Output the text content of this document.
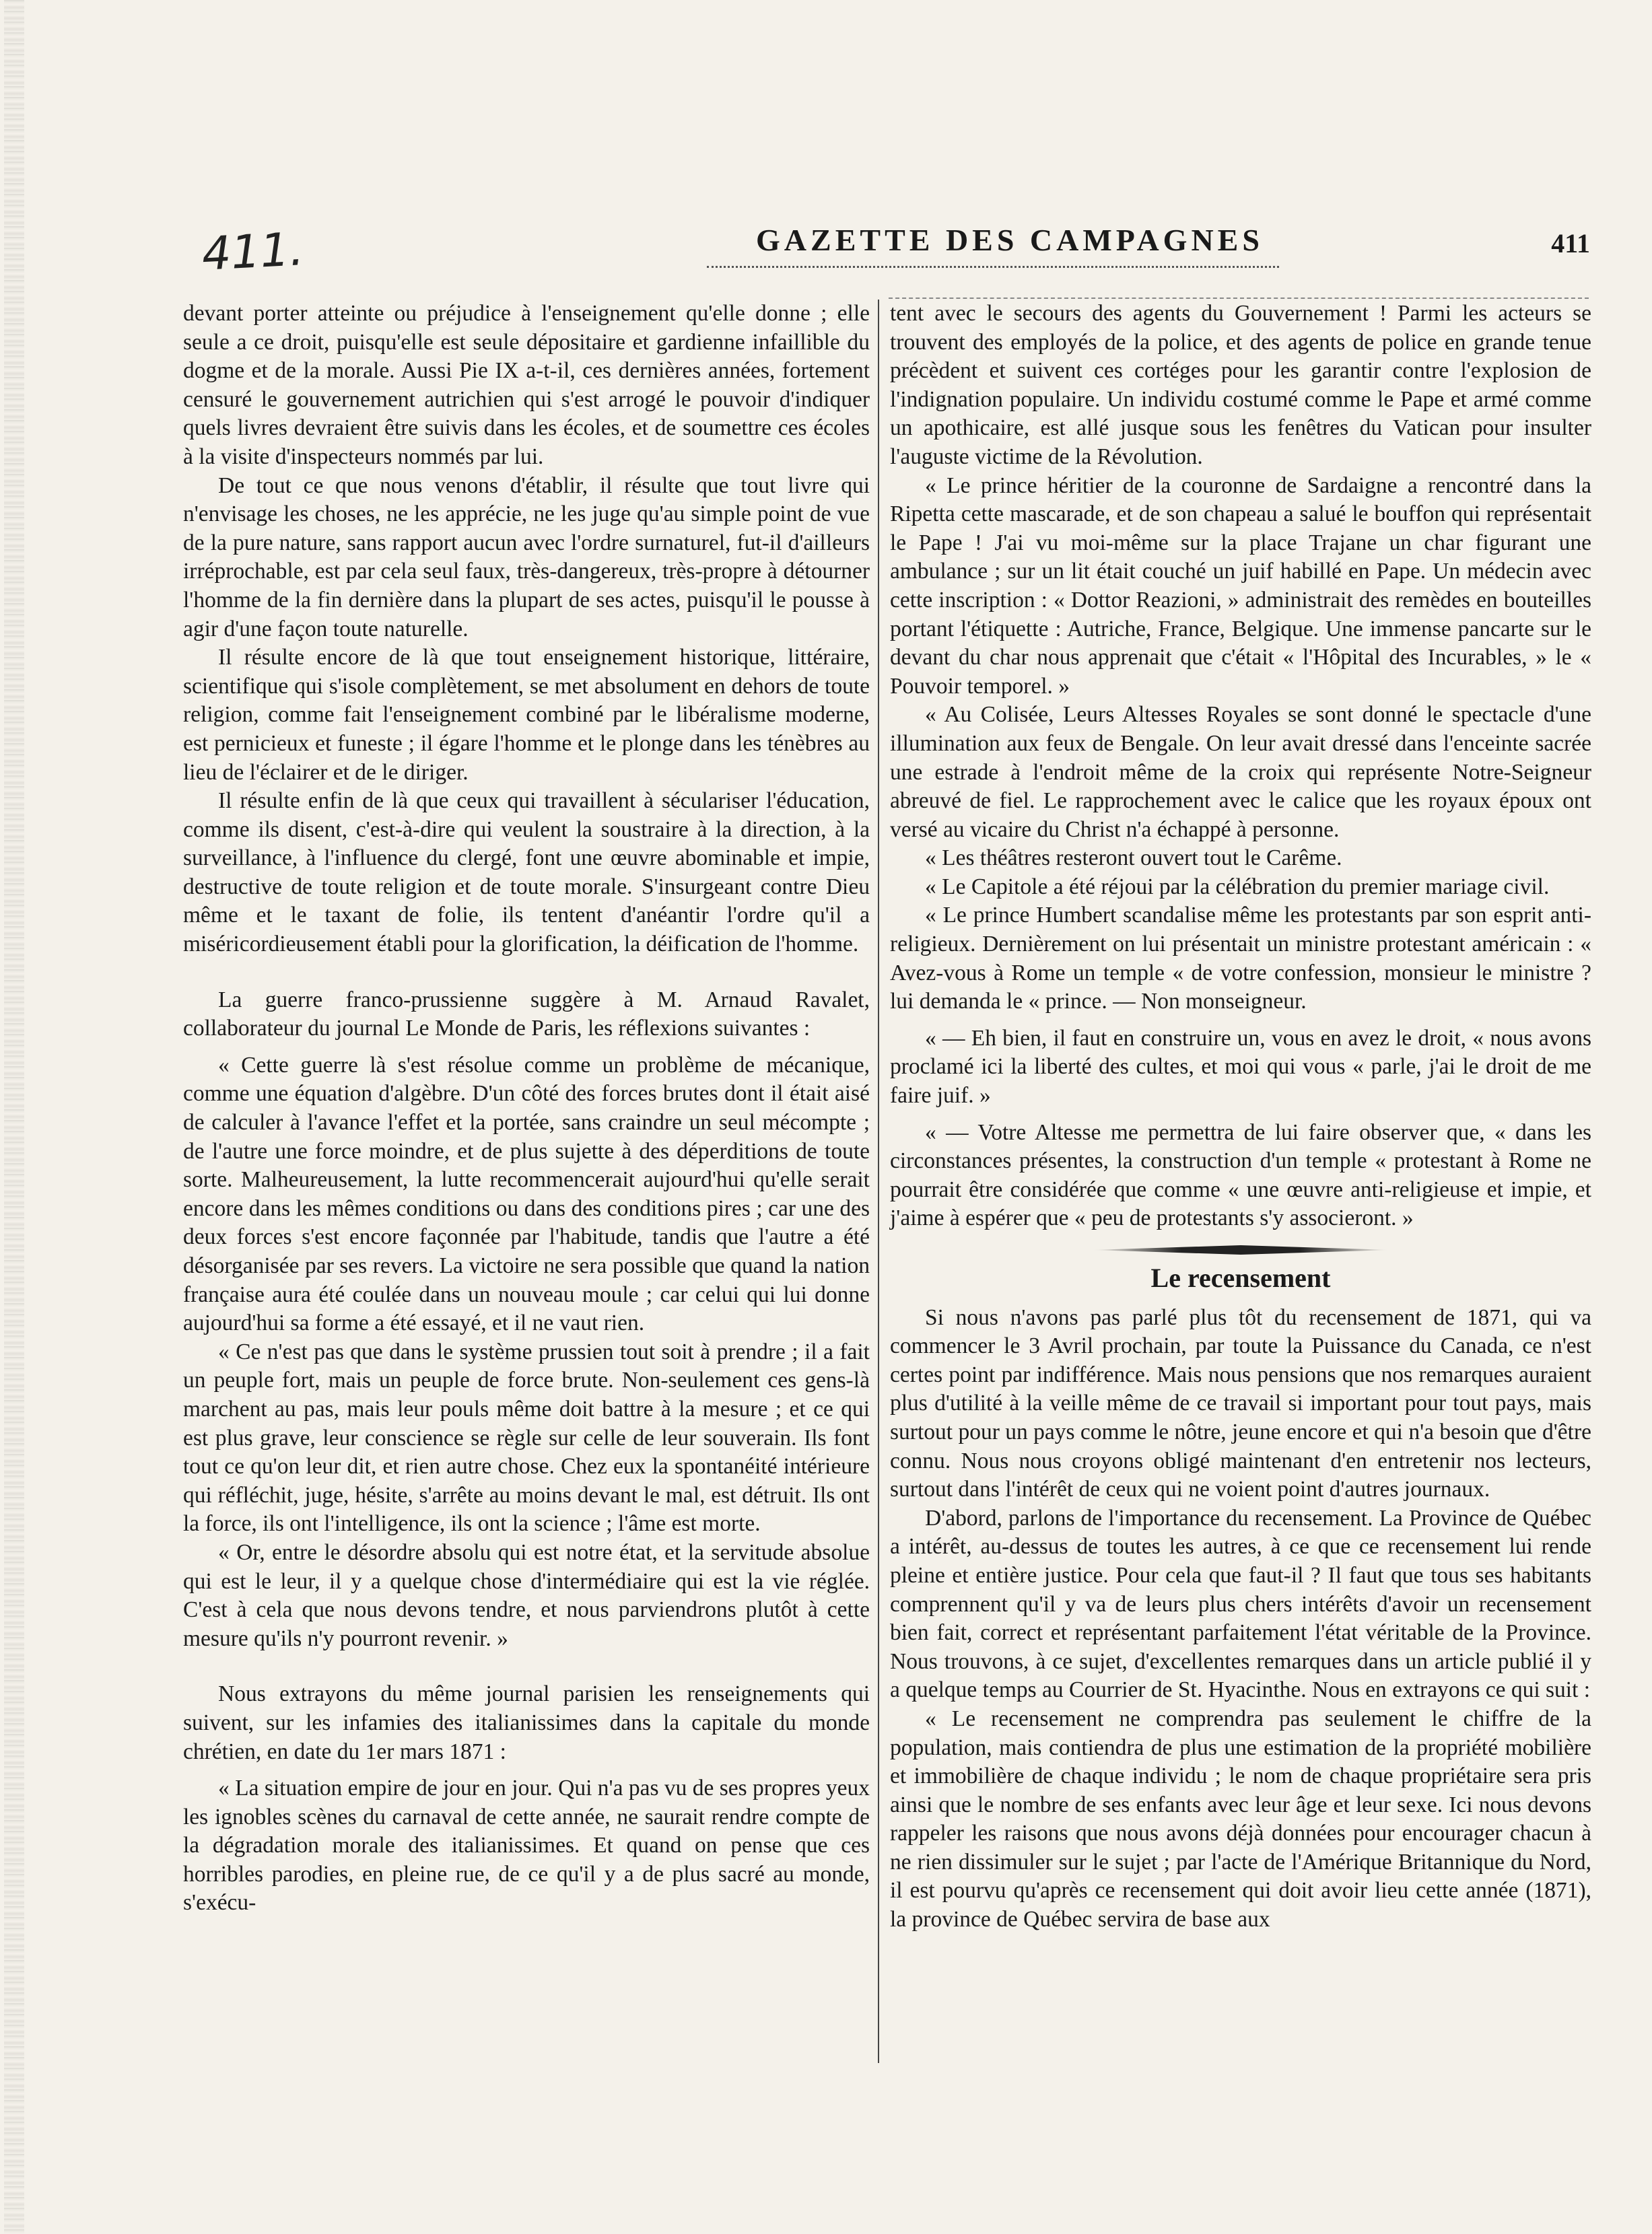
411.	GAZETTE DES CAMPAGNES	411

devant porter atteinte ou préjudice à l'enseignement qu'elle donne ; elle seule a ce droit, puisqu'elle est seule dépositaire et gardienne infaillible du dogme et de la morale. Aussi Pie IX a-t-il, ces dernières années, fortement censuré le gouvernement autrichien qui s'est arrogé le pouvoir d'indiquer quels livres devraient être suivis dans les écoles, et de soumettre ces écoles à la visite d'inspecteurs nommés par lui.

De tout ce que nous venons d'établir, il résulte que tout livre qui n'envisage les choses, ne les apprécie, ne les juge qu'au simple point de vue de la pure nature, sans rapport aucun avec l'ordre surnaturel, fut-il d'ailleurs irréprochable, est par cela seul faux, très-dangereux, très-propre à détourner l'homme de la fin dernière dans la plupart de ses actes, puisqu'il le pousse à agir d'une façon toute naturelle.

Il résulte encore de là que tout enseignement historique, littéraire, scientifique qui s'isole complètement, se met absolument en dehors de toute religion, comme fait l'enseignement combiné par le libéralisme moderne, est pernicieux et funeste ; il égare l'homme et le plonge dans les ténèbres au lieu de l'éclairer et de le diriger.

Il résulte enfin de là que ceux qui travaillent à séculariser l'éducation, comme ils disent, c'est-à-dire qui veulent la soustraire à la direction, à la surveillance, à l'influence du clergé, font une œuvre abominable et impie, destructive de toute religion et de toute morale. S'insurgeant contre Dieu même et le taxant de folie, ils tentent d'anéantir l'ordre qu'il a miséricordieusement établi pour la glorification, la déification de l'homme.

La guerre franco-prussienne suggère à M. Arnaud Ravalet, collaborateur du journal Le Monde de Paris, les réflexions suivantes :

« Cette guerre là s'est résolue comme un problème de mécanique, comme une équation d'algèbre. D'un côté des forces brutes dont il était aisé de calculer à l'avance l'effet et la portée, sans craindre un seul mécompte ; de l'autre une force moindre, et de plus sujette à des déperditions de toute sorte. Malheureusement, la lutte recommencerait aujourd'hui qu'elle serait encore dans les mêmes conditions ou dans des conditions pires ; car une des deux forces s'est encore façonnée par l'habitude, tandis que l'autre a été désorganisée par ses revers. La victoire ne sera possible que quand la nation française aura été coulée dans un nouveau moule ; car celui qui lui donne aujourd'hui sa forme a été essayé, et il ne vaut rien.

« Ce n'est pas que dans le système prussien tout soit à prendre ; il a fait un peuple fort, mais un peuple de force brute. Non-seulement ces gens-là marchent au pas, mais leur pouls même doit battre à la mesure ; et ce qui est plus grave, leur conscience se règle sur celle de leur souverain. Ils font tout ce qu'on leur dit, et rien autre chose. Chez eux la spontanéité intérieure qui réfléchit, juge, hésite, s'arrête au moins devant le mal, est détruit. Ils ont la force, ils ont l'intelligence, ils ont la science ; l'âme est morte.

« Or, entre le désordre absolu qui est notre état, et la servitude absolue qui est le leur, il y a quelque chose d'intermédiaire qui est la vie réglée. C'est à cela que nous devons tendre, et nous parviendrons plutôt à cette mesure qu'ils n'y pourront revenir. »

Nous extrayons du même journal parisien les renseignements qui suivent, sur les infamies des italianissimes dans la capitale du monde chrétien, en date du 1er mars 1871 :

« La situation empire de jour en jour. Qui n'a pas vu de ses propres yeux les ignobles scènes du carnaval de cette année, ne saurait rendre compte de la dégradation morale des italianissimes. Et quand on pense que ces horribles parodies, en pleine rue, de ce qu'il y a de plus sacré au monde, s'exécu-

tent avec le secours des agents du Gouvernement ! Parmi les acteurs se trouvent des employés de la police, et des agents de police en grande tenue précèdent et suivent ces cortéges pour les garantir contre l'explosion de l'indignation populaire. Un individu costumé comme le Pape et armé comme un apothicaire, est allé jusque sous les fenêtres du Vatican pour insulter l'auguste victime de la Révolution.

« Le prince héritier de la couronne de Sardaigne a rencontré dans la Ripetta cette mascarade, et de son chapeau a salué le bouffon qui représentait le Pape ! J'ai vu moi-même sur la place Trajane un char figurant une ambulance ; sur un lit était couché un juif habillé en Pape. Un médecin avec cette inscription : « Dottor Reazioni, » administrait des remèdes en bouteilles portant l'étiquette : Autriche, France, Belgique. Une immense pancarte sur le devant du char nous apprenait que c'était « l'Hôpital des Incurables, » le « Pouvoir temporel. »

« Au Colisée, Leurs Altesses Royales se sont donné le spectacle d'une illumination aux feux de Bengale. On leur avait dressé dans l'enceinte sacrée une estrade à l'endroit même de la croix qui représente Notre-Seigneur abreuvé de fiel. Le rapprochement avec le calice que les royaux époux ont versé au vicaire du Christ n'a échappé à personne.

« Les théâtres resteront ouvert tout le Carême.

« Le Capitole a été réjoui par la célébration du premier mariage civil.

« Le prince Humbert scandalise même les protestants par son esprit anti-religieux. Dernièrement on lui présentait un ministre protestant américain : « Avez-vous à Rome un temple « de votre confession, monsieur le ministre ? lui demanda le « prince. — Non monseigneur.

« — Eh bien, il faut en construire un, vous en avez le droit, « nous avons proclamé ici la liberté des cultes, et moi qui vous « parle, j'ai le droit de me faire juif. »

« — Votre Altesse me permettra de lui faire observer que, « dans les circonstances présentes, la construction d'un temple « protestant à Rome ne pourrait être considérée que comme « une œuvre anti-religieuse et impie, et j'aime à espérer que « peu de protestants s'y associeront. »

Le recensement

Si nous n'avons pas parlé plus tôt du recensement de 1871, qui va commencer le 3 Avril prochain, par toute la Puissance du Canada, ce n'est certes point par indifférence. Mais nous pensions que nos remarques auraient plus d'utilité à la veille même de ce travail si important pour tout pays, mais surtout pour un pays comme le nôtre, jeune encore et qui n'a besoin que d'être connu. Nous nous croyons obligé maintenant d'en entretenir nos lecteurs, surtout dans l'intérêt de ceux qui ne voient point d'autres journaux.

D'abord, parlons de l'importance du recensement. La Province de Québec a intérêt, au-dessus de toutes les autres, à ce que ce recensement lui rende pleine et entière justice. Pour cela que faut-il ? Il faut que tous ses habitants comprennent qu'il y va de leurs plus chers intérêts d'avoir un recensement bien fait, correct et représentant parfaitement l'état véritable de la Province. Nous trouvons, à ce sujet, d'excellentes remarques dans un article publié il y a quelque temps au Courrier de St. Hyacinthe. Nous en extrayons ce qui suit :

« Le recensement ne comprendra pas seulement le chiffre de la population, mais contiendra de plus une estimation de la propriété mobilière et immobilière de chaque individu ; le nom de chaque propriétaire sera pris ainsi que le nombre de ses enfants avec leur âge et leur sexe. Ici nous devons rappeler les raisons que nous avons déjà données pour encourager chacun à ne rien dissimuler sur le sujet ; par l'acte de l'Amérique Britannique du Nord, il est pourvu qu'après ce recensement qui doit avoir lieu cette année (1871), la province de Québec servira de base aux
